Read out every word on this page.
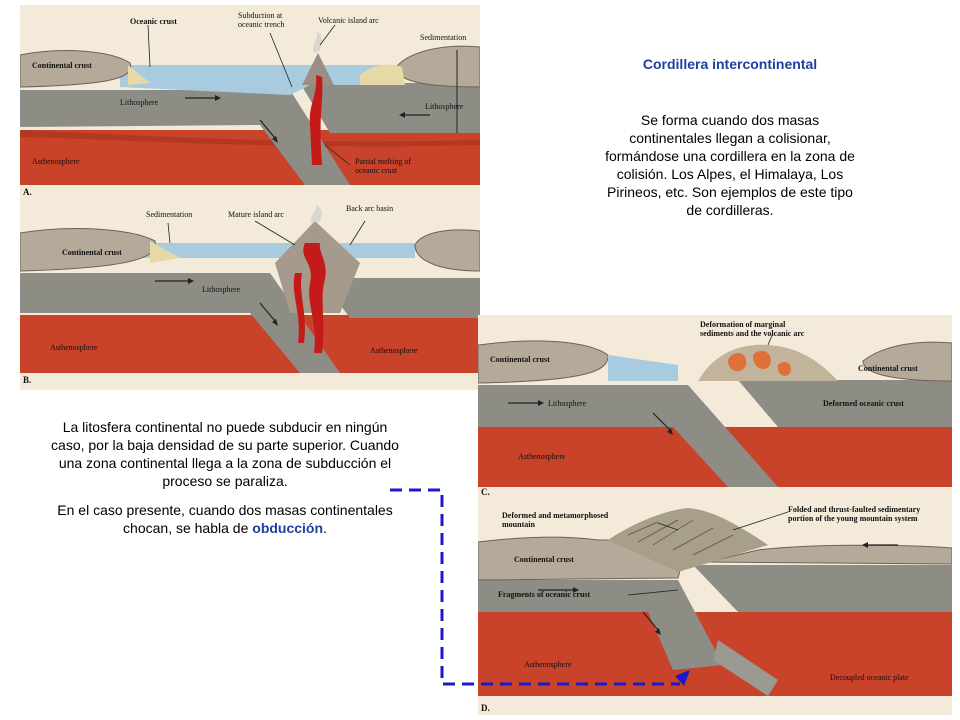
Oceanic crust
Subduction at
oceanic trench	Volcanic island arc
Sedimentation
Continental crust
Lithosphere	Lithosphere
Asthenosphere	Partial melting of
oceanic crust
A.
Sedimentation	Mature island arc
Back arc basin
Continental crust
Lithosphere
Asthenosphere	Asthenosphere
B.
Deformation of marginal
sediments and the volcanic arc
Continental crust
Continental crust
Lithosphere	Deformed oceanic crust
Asthenosphere
C.
Deformed and metamorphosed
mountain
Folded and thrust-faulted sedimentary
portion of the young mountain system
Continental crust
Fragments of oceanic crust
Asthenosphere
Decoupled oceanic plate
D.
Cordillera intercontinental
Se forma cuando dos masas continentales llegan a colisionar, formándose una cordillera en la zona de colisión. Los Alpes, el Himalaya, Los Pirineos, etc. Son ejemplos de este tipo de cordilleras.

La litosfera continental no puede subducir en ningún caso, por la baja densidad de su parte superior. Cuando una zona continental llega a la zona de subducción el proceso se paraliza.

En el caso presente, cuando dos masas continentales chocan, se habla de obducción.
